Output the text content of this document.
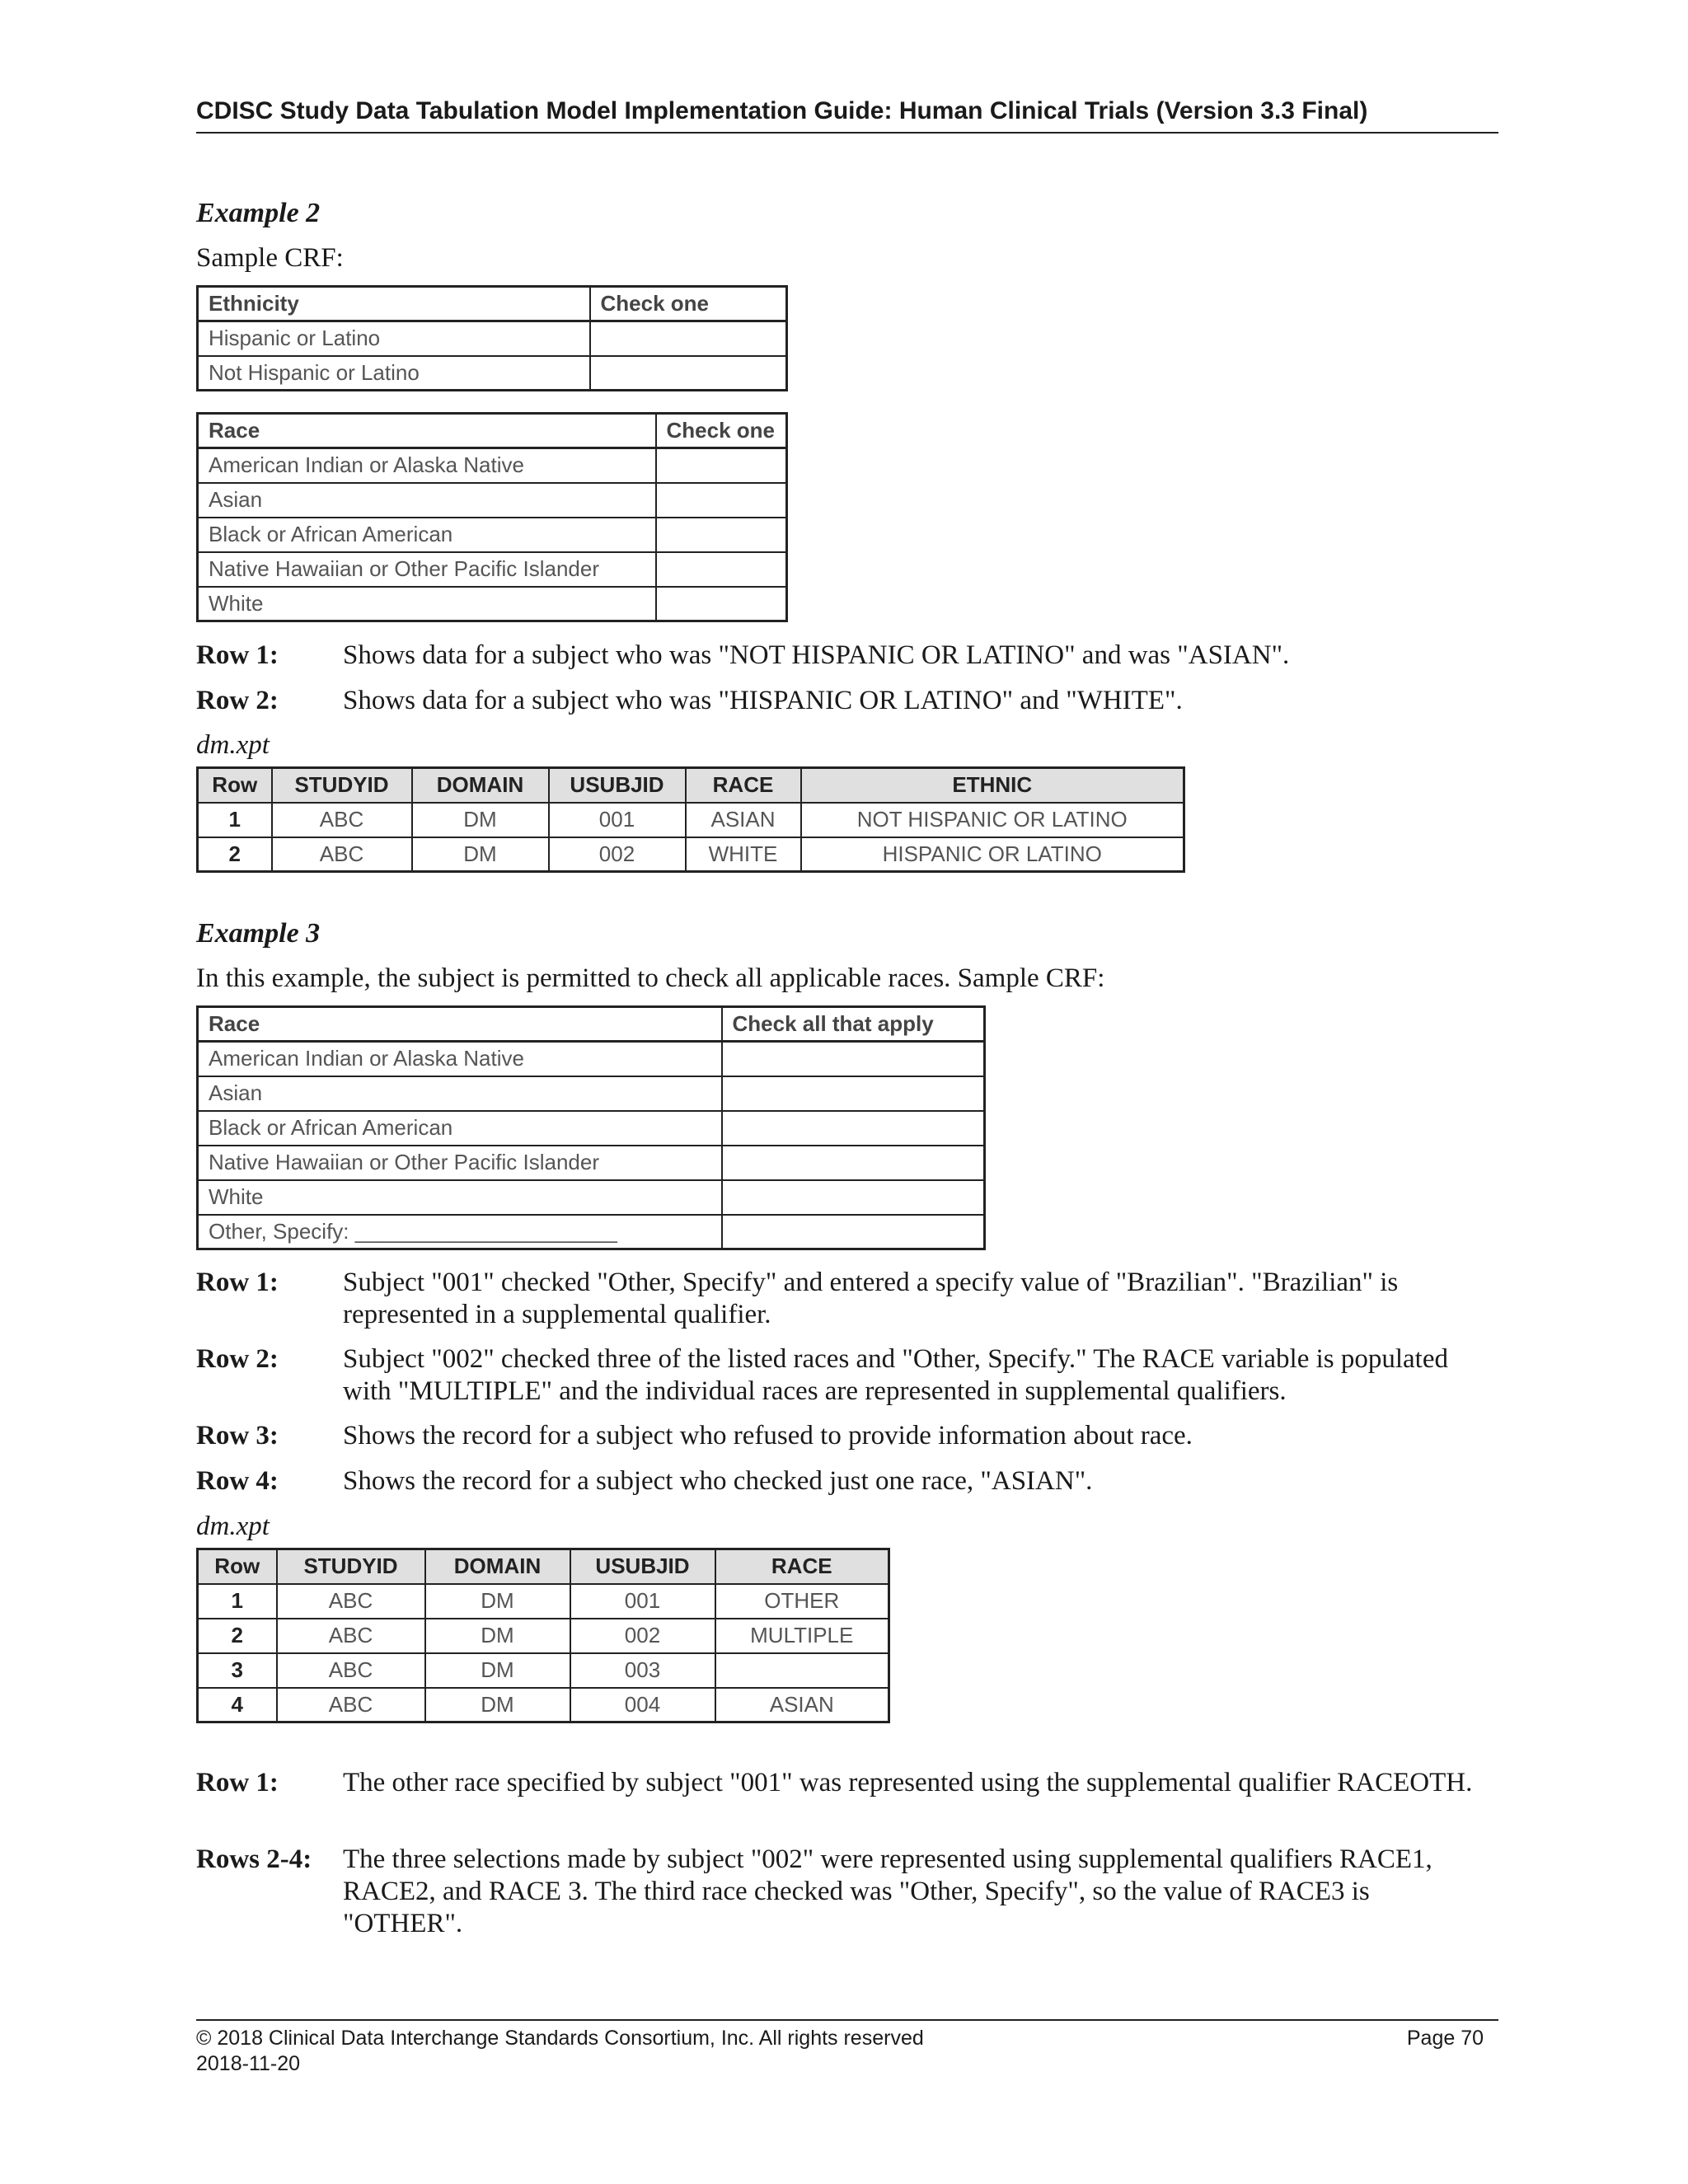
CDISC Study Data Tabulation Model Implementation Guide: Human Clinical Trials (Version 3.3 Final)
Example 2
Sample CRF:
Ethnicity	Check one
Hispanic or Latino	
Not Hispanic or Latino	
Race	Check one
American Indian or Alaska Native	
Asian	
Black or African American	
Native Hawaiian or Other Pacific Islander	
White	
Row 1:	Shows data for a subject who was "NOT HISPANIC OR LATINO" and was "ASIAN".
Row 2:	Shows data for a subject who was "HISPANIC OR LATINO" and "WHITE".
dm.xpt
Row	STUDYID	DOMAIN	USUBJID	RACE	ETHNIC
1	ABC	DM	001	ASIAN	NOT HISPANIC OR LATINO
2	ABC	DM	002	WHITE	HISPANIC OR LATINO
Example 3
In this example, the subject is permitted to check all applicable races. Sample CRF:
Race	Check all that apply
American Indian or Alaska Native	
Asian	
Black or African American	
Native Hawaiian or Other Pacific Islander	
White	
Other, Specify: ______________________	
Row 1:	Subject "001" checked "Other, Specify" and entered a specify value of "Brazilian". "Brazilian" is represented in a supplemental qualifier.
Row 2:	Subject "002" checked three of the listed races and "Other, Specify." The RACE variable is populated with "MULTIPLE" and the individual races are represented in supplemental qualifiers.
Row 3:	Shows the record for a subject who refused to provide information about race.
Row 4:	Shows the record for a subject who checked just one race, "ASIAN".
dm.xpt
Row	STUDYID	DOMAIN	USUBJID	RACE
1	ABC	DM	001	OTHER
2	ABC	DM	002	MULTIPLE
3	ABC	DM	003	
4	ABC	DM	004	ASIAN
Row 1:	The other race specified by subject "001" was represented using the supplemental qualifier RACEOTH.
Rows 2-4:	The three selections made by subject "002" were represented using supplemental qualifiers RACE1, RACE2, and RACE 3. The third race checked was "Other, Specify", so the value of RACE3 is "OTHER".
© 2018 Clinical Data Interchange Standards Consortium, Inc. All rights reserved
2018-11-20
Page 70
